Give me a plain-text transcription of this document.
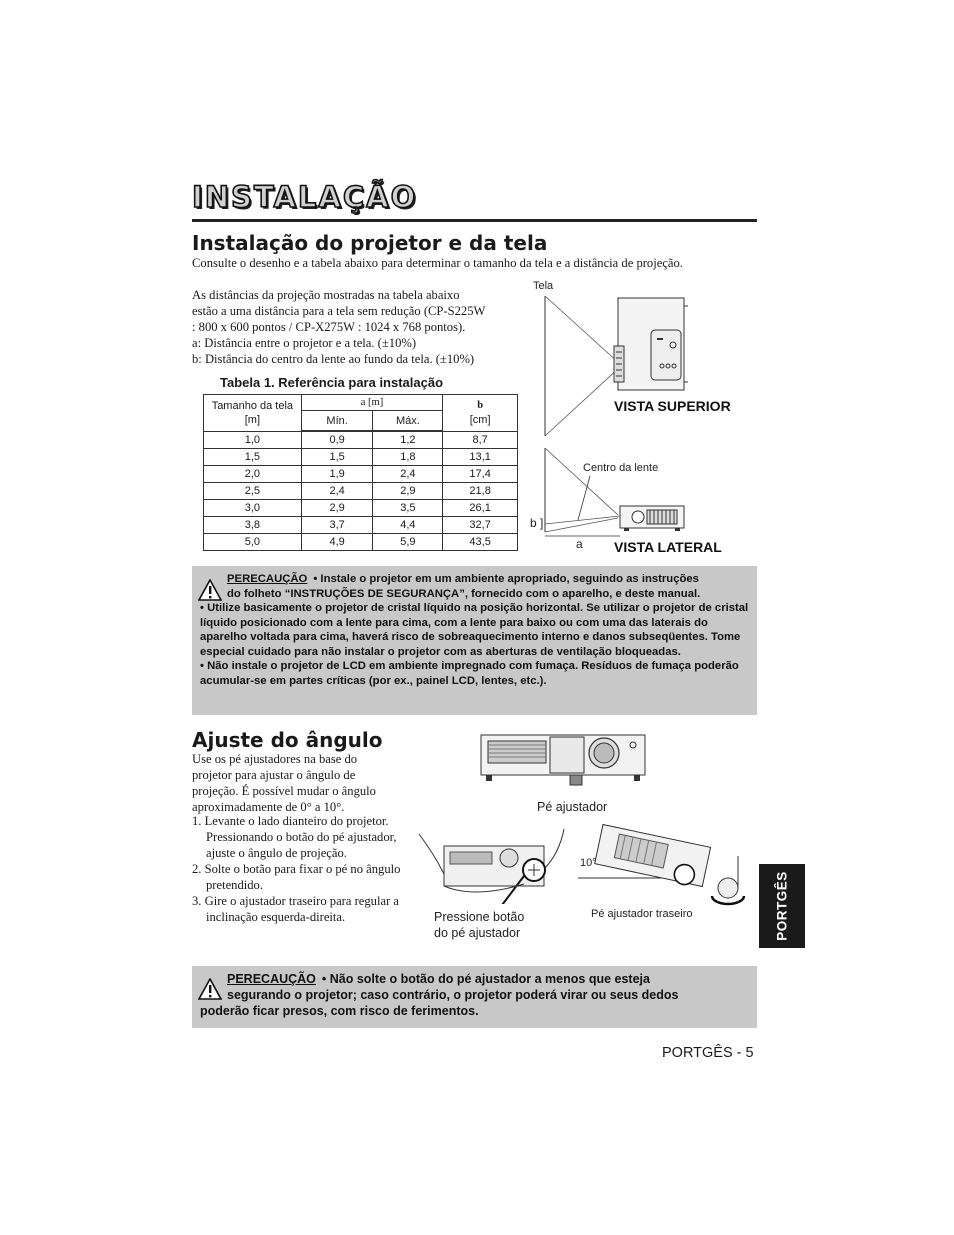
INSTALAÇÃO
Instalação do projetor e da tela
Consulte o desenho e a tabela abaixo para determinar o tamanho da tela e a distância de projeção.
As distâncias da projeção mostradas na tabela abaixo
estão a uma distância para a tela sem redução (CP-S225W
: 800 x 600 pontos / CP-X275W : 1024 x 768 pontos).
a: Distância entre o projetor e a tela. (±10%)
b: Distância do centro da lente ao fundo da tela. (±10%)
Tabela 1. Referência para instalação
Tamanho da tela [m]	a [m]		b
[cm]

	Mín.	Máx.	
1,0	0,9	1,2	8,7
1,5	1,5	1,8	13,1
2,0	1,9	2,4	17,4
2,5	2,4	2,9	21,8
3,0	2,9	3,5	26,1
3,8	3,7	4,4	32,7
5,0	4,9	5,9	43,5
Tela
VISTA SUPERIOR
Centro da lente
b ]
a VISTA LATERAL
PERECAUÇÃO • Instale o projetor em um ambiente apropriado, seguindo as instruções
do folheto “INSTRUÇÕES DE SEGURANÇA”, fornecido com o aparelho, e deste manual.
• Utilize basicamente o projetor de cristal líquido na posição horizontal. Se utilizar o projetor de cristal líquido posicionado com a lente para cima, com a lente para baixo ou com uma das laterais do aparelho voltada para cima, haverá risco de sobreaquecimento interno e danos subseqüentes. Tome especial cuidado para não instalar o projetor com as aberturas de ventilação bloqueadas.
• Não instale o projetor de LCD em ambiente impregnado com fumaça. Resíduos de fumaça poderão acumular-se em partes críticas (por ex., painel LCD, lentes, etc.).
Ajuste do ângulo
Use os pé ajustadores na base do projetor para ajustar o ângulo de projeção. É possível mudar o ângulo aproximadamente de 0° a 10°.
1. Levante o lado dianteiro do projetor. Pressionando o botão do pé ajustador, ajuste o ângulo de projeção.
2. Solte o botão para fixar o pé no ângulo pretendido.
3. Gire o ajustador traseiro para regular a inclinação esquerda-direita.
Pé ajustador
Pressione botão
do pé ajustador
10°
Pé ajustador traseiro	PORTGÊS
PERECAUÇÃO • Não solte o botão do pé ajustador a menos que esteja
segurando o projetor; caso contrário, o projetor poderá virar ou seus dedos
poderão ficar presos, com risco de ferimentos.
PORTGÊS - 5
